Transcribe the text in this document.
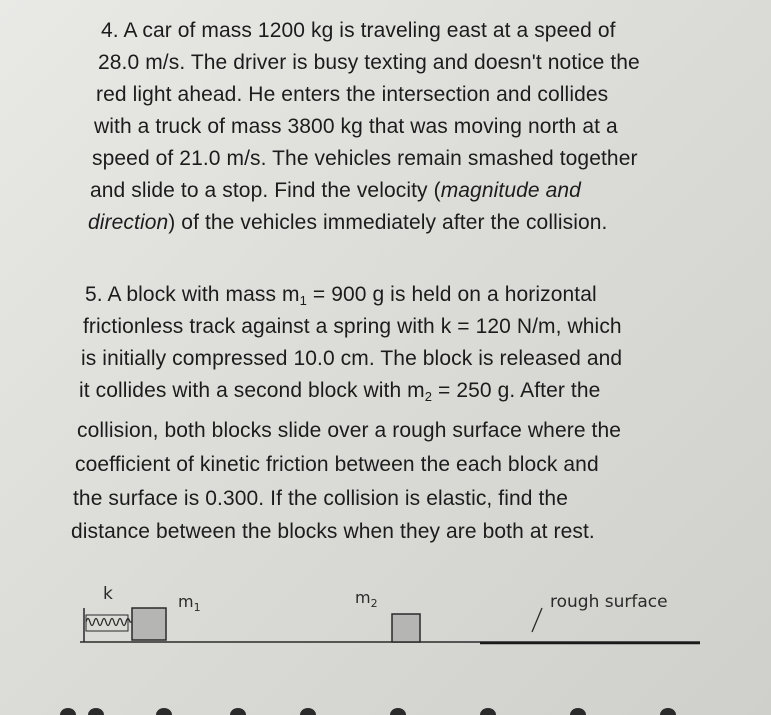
4. A car of mass 1200 kg is traveling east at a speed of
28.0 m/s. The driver is busy texting and doesn't notice the
red light ahead. He enters the intersection and collides
with a truck of mass 3800 kg that was moving north at a
speed of 21.0 m/s. The vehicles remain smashed together
and slide to a stop. Find the velocity (magnitude and
direction) of the vehicles immediately after the collision.
5. A block with mass $m_1 = 900$ g is held on a horizontal
frictionless track against a spring with k = 120 N/m, which
is initially compressed 10.0 cm. The block is released and
it collides with a second block with $m_2 = 250$ g. After the
collision, both blocks slide over a rough surface where the
coefficient of kinetic friction between the each block and
the surface is 0.300. If the collision is elastic, find the
distance between the blocks when they are both at rest.
k	$m_1$
$m_2$	rough surface
